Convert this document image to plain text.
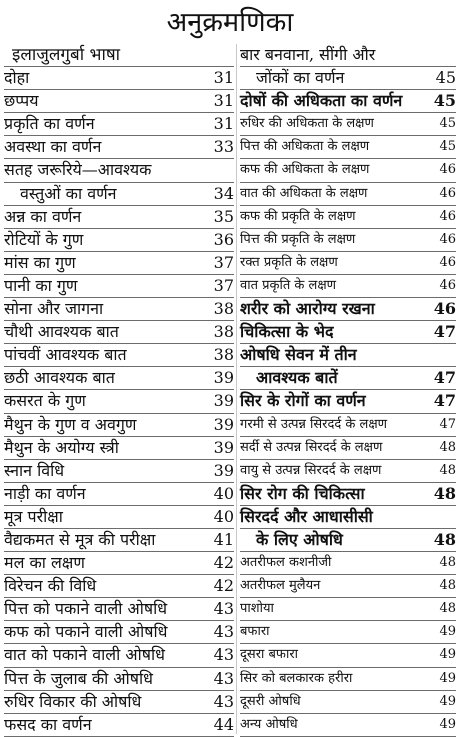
अनुक्रमणिका
इलाजुलगुर्बा भाषा
दोहा	31
छप्पय	31
प्रकृति का वर्णन	31
अवस्था का वर्णन	33
सतह जरूरिये—आवश्यक
वस्तुओं का वर्णन	34
अन्न का वर्णन	35
रोटियों के गुण	36
मांस का गुण	37
पानी का गुण	37
सोना और जागना	38
चौथी आवश्यक बात	38
पांचवीं आवश्यक बात	38
छठी आवश्यक बात	39
कसरत के गुण	39
मैथुन के गुण व अवगुण	39
मैथुन के अयोग्य स्त्री	39
स्नान विधि	39
नाड़ी का वर्णन	40
मूत्र परीक्षा	40
वैद्यकमत से मूत्र की परीक्षा	41
मल का लक्षण	42
विरेचन की विधि	42
पित्त को पकाने वाली ओषधि	43
कफ को पकाने वाली ओषधि	43
वात को पकाने वाली ओषधि	43
पित्त के जुलाब की ओषधि	43
रुधिर विकार की ओषधि	43
फसद का वर्णन	44
बार बनवाना, सींगी और
जोंकों का वर्णन	45
दोषों की अधिकता का वर्णन 45
रुधिर की अधिकता के लक्षण	45
पित्त की अधिकता के लक्षण	45
कफ की अधिकता के लक्षण	46
वात की अधिकता के लक्षण	46
कफ की प्रकृति के लक्षण	46
पित्त की प्रकृति के लक्षण	46
रक्त प्रकृति के लक्षण	46
वात प्रकृति के लक्षण	46
शरीर को आरोग्य रखना	46
चिकित्सा के भेद	47
ओषधि सेवन में तीन
आवश्यक बातें	47
सिर के रोगों का वर्णन	47
गरमी से उत्पन्न सिरदर्द के लक्षण	47
सर्दी से उत्पन्न सिरदर्द के लक्षण	48
वायु से उत्पन्न सिरदर्द के लक्षण	48
सिर रोग की चिकित्सा	48
सिरदर्द और आधासीसी
के लिए ओषधि	48
अतरीफल कशनीजी	48
अतरीफल मुलैयन	48
पाशोया	48
बफारा	49
दूसरा बफारा	49
सिर को बलकारक हरीरा	49
दूसरी ओषधि	49
अन्य ओषधि	49
